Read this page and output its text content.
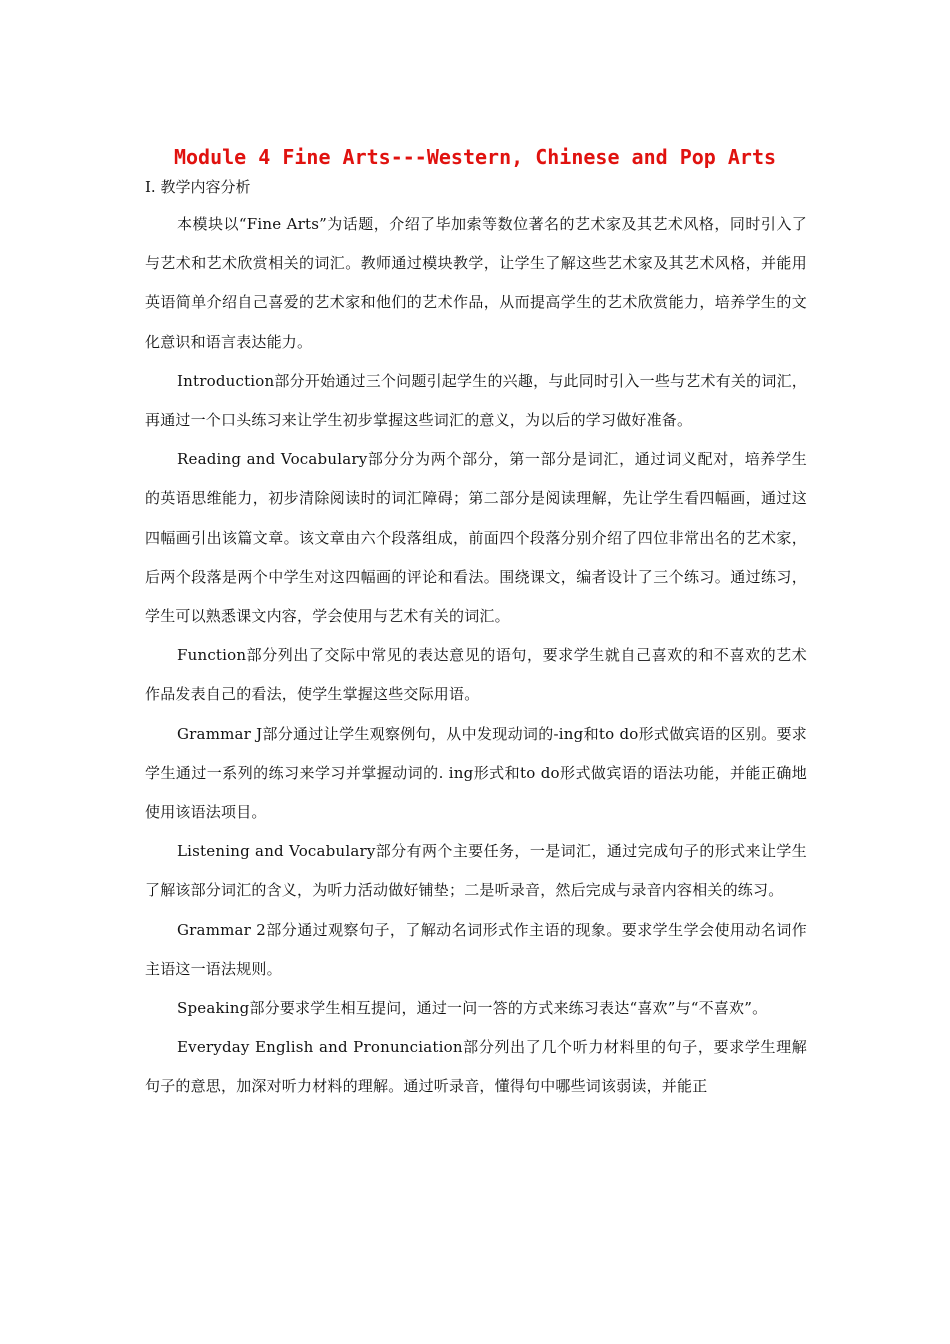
Module 4 Fine Arts---Western, Chinese and Pop Arts
I. 教学内容分析

本模块以“Fine Arts”为话题，介绍了毕加索等数位著名的艺术家及其艺术风格，同时引入了与艺术和艺术欣赏相关的词汇。教师通过模块教学，让学生了解这些艺术家及其艺术风格，并能用英语简单介绍自己喜爱的艺术家和他们的艺术作品，从而提高学生的艺术欣赏能力，培养学生的文化意识和语言表达能力。

Introduction部分开始通过三个问题引起学生的兴趣，与此同时引入一些与艺术有关的词汇，再通过一个口头练习来让学生初步掌握这些词汇的意义，为以后的学习做好准备。

Reading and Vocabulary部分分为两个部分，第一部分是词汇，通过词义配对，培养学生的英语思维能力，初步清除阅读时的词汇障碍；第二部分是阅读理解，先让学生看四幅画，通过这四幅画引出该篇文章。该文章由六个段落组成，前面四个段落分别介绍了四位非常出名的艺术家，后两个段落是两个中学生对这四幅画的评论和看法。围绕课文，编者设计了三个练习。通过练习，学生可以熟悉课文内容，学会使用与艺术有关的词汇。

Function部分列出了交际中常见的表达意见的语句，要求学生就自己喜欢的和不喜欢的艺术作品发表自己的看法，使学生掌握这些交际用语。

Grammar J部分通过让学生观察例句，从中发现动词的-ing和to do形式做宾语的区别。要求学生通过一系列的练习来学习并掌握动词的. ing形式和to do形式做宾语的语法功能，并能正确地使用该语法项目。

Listening and Vocabulary部分有两个主要任务，一是词汇，通过完成句子的形式来让学生了解该部分词汇的含义，为听力活动做好铺垫；二是听录音，然后完成与录音内容相关的练习。

Grammar 2部分通过观察句子，了解动名词形式作主语的现象。要求学生学会使用动名词作主语这一语法规则。

Speaking部分要求学生相互提问，通过一问一答的方式来练习表达“喜欢”与“不喜欢”。

Everyday English and Pronunciation部分列出了几个听力材料里的句子，要求学生理解句子的意思，加深对听力材料的理解。通过听录音，懂得句中哪些词该弱读，并能正
